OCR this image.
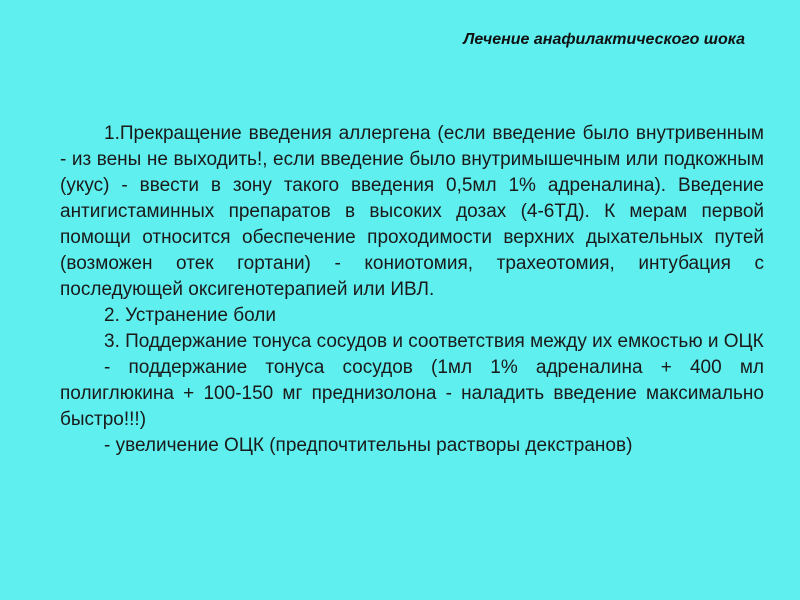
Лечение анафилактического шока

1.Прекращение введения аллергена (если введение было внутривенным - из вены не выходить!, если введение было внутримышечным или подкожным (укус) - ввести в зону такого введения 0,5мл 1% адреналина). Введение антигистаминных препаратов в высоких дозах (4-6ТД). К мерам первой помощи относится обеспечение проходимости верхних дыхательных путей (возможен отек гортани) - кониотомия, трахеотомия, интубация с последующей оксигенотерапией или ИВЛ.

2. Устранение боли

3. Поддержание тонуса сосудов и соответствия между их емкостью и ОЦК

- поддержание тонуса сосудов (1мл 1% адреналина + 400 мл полиглюкина + 100-150 мг преднизолона - наладить введение максимально быстро!!!)

- увеличение ОЦК (предпочтительны растворы декстранов)
